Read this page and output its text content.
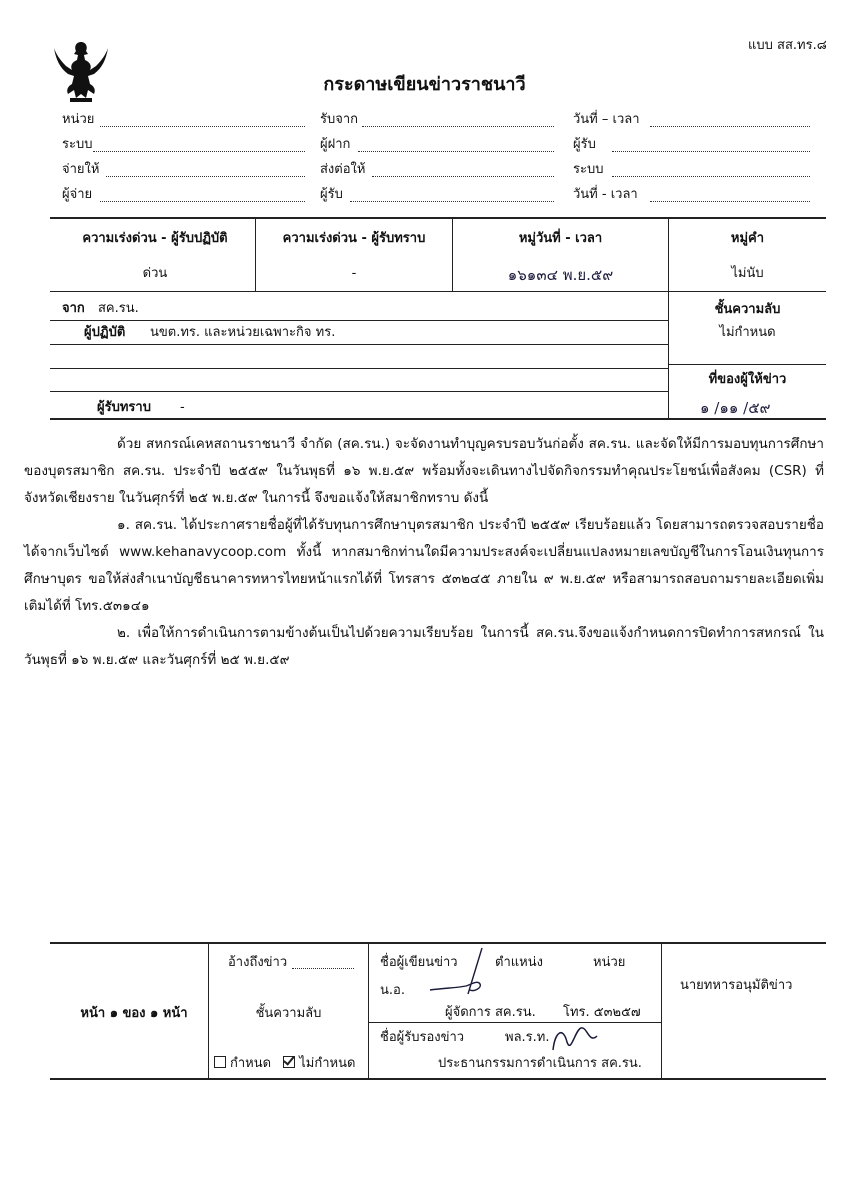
แบบ สส.ทร.๘
กระดาษเขียนข่าวราชนาวี
หน่วย	รับจาก	วันที่ – เวลา
ระบบ	ผู้ฝาก	ผู้รับ
จ่ายให้	ส่งต่อให้	ระบบ
ผู้จ่าย	ผู้รับ	วันที่ - เวลา
ความเร่งด่วน - ผู้รับปฏิบัติ	ความเร่งด่วน - ผู้รับทราบ	หมู่วันที่ - เวลา	หมู่คำ
ด่วน	-	๑๖๑๓๔ พ.ย.๕๙	ไม่นับ
จาก สค.รน.
ผู้ปฏิบัติ นขต.ทร. และหน่วยเฉพาะกิจ ทร.
ผู้รับทราบ -
ชั้นความลับ
ไม่กำหนด
ที่ของผู้ให้ข่าว
๑ /๑๑ /๕๙

ด้วย สหกรณ์เคหสถานราชนาวี จำกัด (สค.รน.) จะจัดงานทำบุญครบรอบวันก่อตั้ง สค.รน. และจัดให้มีการมอบทุนการศึกษาของบุตรสมาชิก สค.รน. ประจำปี ๒๕๕๙ ในวันพุธที่ ๑๖ พ.ย.๕๙ พร้อมทั้งจะเดินทางไปจัดกิจกรรมทำคุณประโยชน์เพื่อสังคม (CSR) ที่จังหวัดเชียงราย ในวันศุกร์ที่ ๒๕ พ.ย.๕๙ ในการนี้ จึงขอแจ้งให้สมาชิกทราบ ดังนี้

๑. สค.รน. ได้ประกาศรายชื่อผู้ที่ได้รับทุนการศึกษาบุตรสมาชิก ประจำปี ๒๕๕๙ เรียบร้อยแล้ว โดยสามารถตรวจสอบรายชื่อได้จากเว็บไซต์ www.kehanavycoop.com ทั้งนี้ หากสมาชิกท่านใดมีความประสงค์จะเปลี่ยนแปลงหมายเลขบัญชีในการโอนเงินทุนการศึกษาบุตร ขอให้ส่งสำเนาบัญชีธนาคารทหารไทยหน้าแรกได้ที่ โทรสาร ๕๓๒๔๕ ภายใน ๙ พ.ย.๕๙ หรือสามารถสอบถามรายละเอียดเพิ่มเติมได้ที่ โทร.๕๓๑๔๑

๒. เพื่อให้การดำเนินการตามข้างต้นเป็นไปด้วยความเรียบร้อย ในการนี้ สค.รน.จึงขอแจ้งกำหนดการปิดทำการสหกรณ์ ในวันพุธที่ ๑๖ พ.ย.๕๙ และวันศุกร์ที่ ๒๕ พ.ย.๕๙

หน้า ๑ ของ ๑ หน้า
อ้างถึงข่าว
ชั้นความลับ
กำหนด ไม่กำหนด
ชื่อผู้เขียนข่าว	ตำแหน่ง	หน่วย
น.อ.
ผู้จัดการ สค.รน. โทร. ๕๓๒๕๗
ชื่อผู้รับรองข่าว	พล.ร.ท.
ประธานกรรมการดำเนินการ สค.รน.
นายทหารอนุมัติข่าว
